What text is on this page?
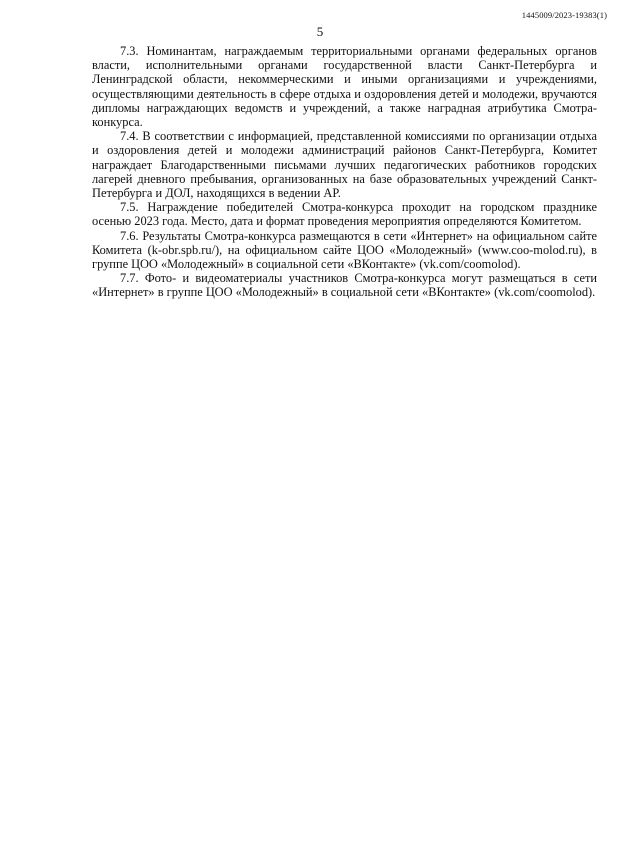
1445009/2023-19383(1)
5

7.3. Номинантам, награждаемым территориальными органами федеральных органов власти, исполнительными органами государственной власти Санкт-Петербурга и Ленинградской области, некоммерческими и иными организациями и учреждениями, осуществляющими деятельность в сфере отдыха и оздоровления детей и молодежи, вручаются дипломы награждающих ведомств и учреждений, а также наградная атрибутика Смотра-конкурса.

7.4. В соответствии с информацией, представленной комиссиями по организации отдыха и оздоровления детей и молодежи администраций районов Санкт-Петербурга, Комитет награждает Благодарственными письмами лучших педагогических работников городских лагерей дневного пребывания, организованных на базе образовательных учреждений Санкт-Петербурга и ДОЛ, находящихся в ведении АР.

7.5. Награждение победителей Смотра-конкурса проходит на городском празднике осенью 2023 года. Место, дата и формат проведения мероприятия определяются Комитетом.

7.6. Результаты Смотра-конкурса размещаются в сети «Интернет» на официальном сайте Комитета (k-obr.spb.ru/), на официальном сайте ЦОО «Молодежный» (www.coo-molod.ru), в группе ЦОО «Молодежный» в социальной сети «ВКонтакте» (vk.com/coomolod).

7.7. Фото- и видеоматериалы участников Смотра-конкурса могут размещаться в сети «Интернет» в группе ЦОО «Молодежный» в социальной сети «ВКонтакте» (vk.com/coomolod).
